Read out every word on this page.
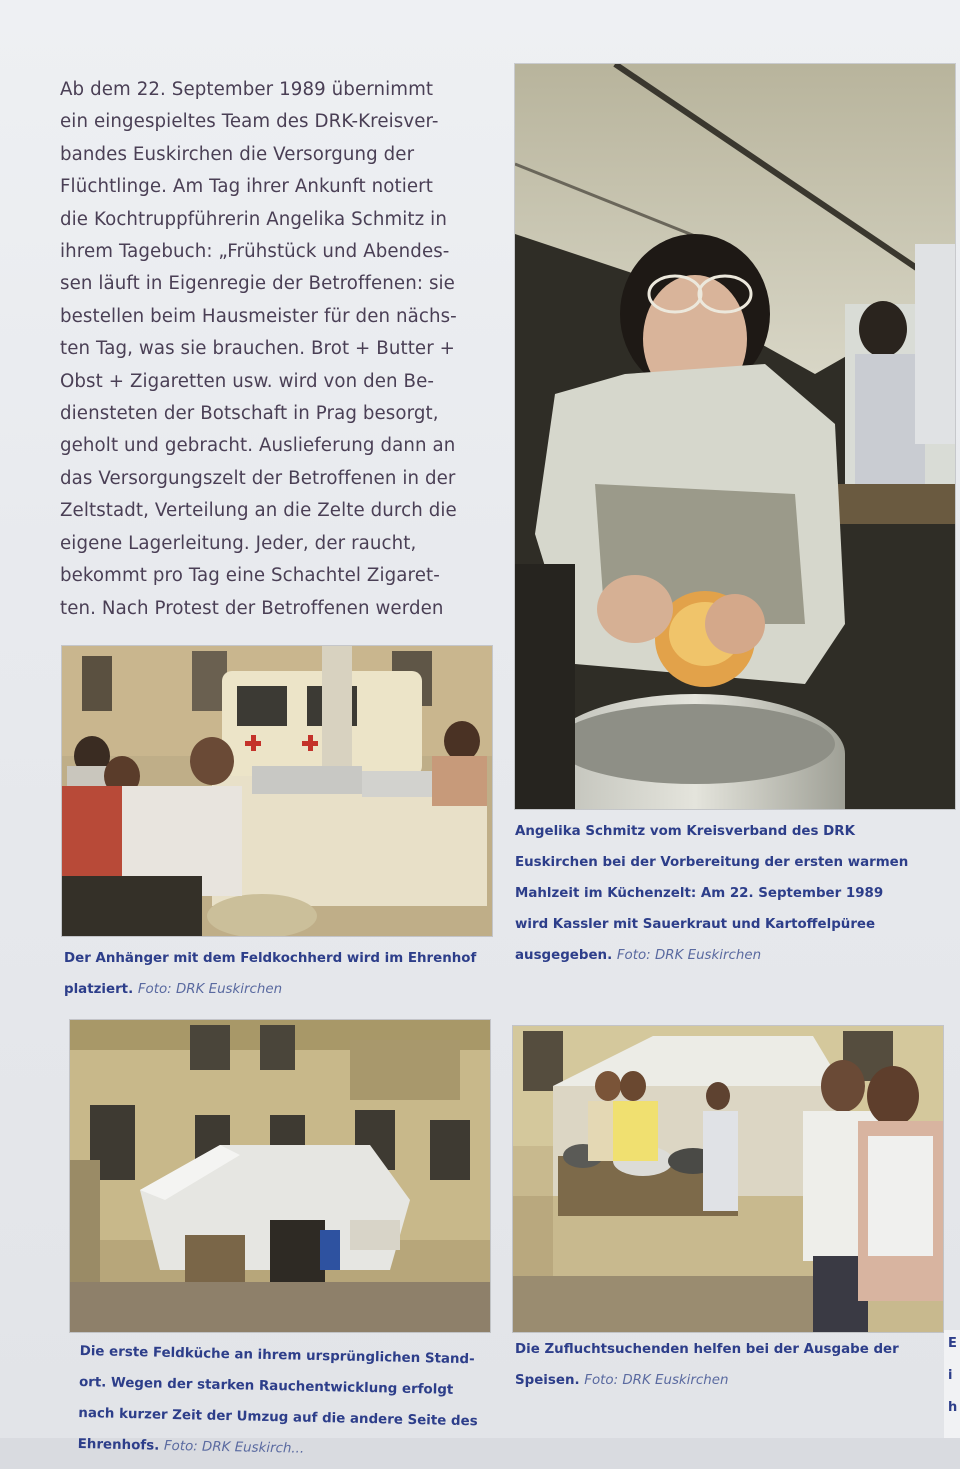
Ab dem 22. September 1989 übernimmt
ein eingespieltes Team des DRK-Kreisver-
bandes Euskirchen die Versorgung der
Flüchtlinge. Am Tag ihrer Ankunft notiert
die Kochtruppführerin Angelika Schmitz in
ihrem Tagebuch: „Frühstück und Abendes-
sen läuft in Eigenregie der Betroffenen: sie
bestellen beim Hausmeister für den nächs-
ten Tag, was sie brauchen. Brot + Butter +
Obst + Zigaretten usw. wird von den Be-
diensteten der Botschaft in Prag besorgt,
geholt und gebracht. Auslieferung dann an
das Versorgungszelt der Betroffenen in der
Zeltstadt, Verteilung an die Zelte durch die
eigene Lagerleitung. Jeder, der raucht,
bekommt pro Tag eine Schachtel Zigaret-
ten. Nach Protest der Betroffenen werden
Angelika Schmitz vom Kreisverband des DRK
Euskirchen bei der Vorbereitung der ersten warmen
Mahlzeit im Küchenzelt: Am 22. September 1989
wird Kassler mit Sauerkraut und Kartoffelpüree
ausgegeben. Foto: DRK Euskirchen
Der Anhänger mit dem Feldkochherd wird im Ehrenhof
platziert. Foto: DRK Euskirchen
Die erste Feldküche an ihrem ursprünglichen Stand-
ort. Wegen der starken Rauchentwicklung erfolgt
nach kurzer Zeit der Umzug auf die andere Seite des
Ehrenhofs. Foto: DRK Euskirch...
Die Zufluchtsuchenden helfen bei der Ausgabe der
Speisen. Foto: DRK Euskirchen
E
i
h
